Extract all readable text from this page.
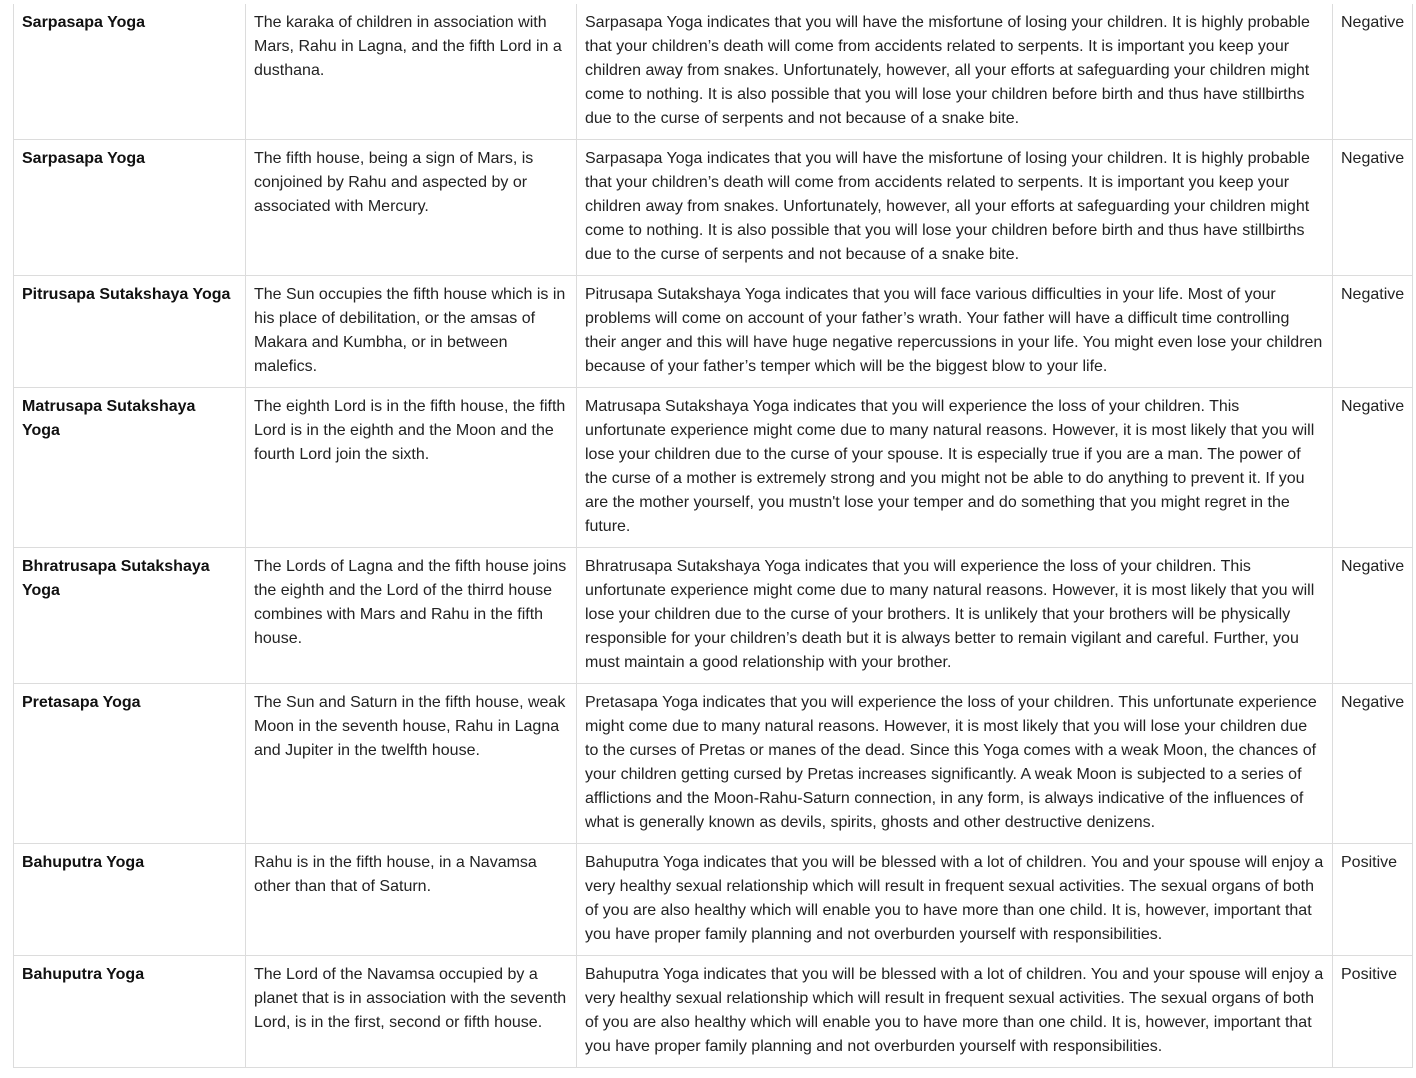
Sarpasapa Yoga	The karaka of children in association with Mars, Rahu in Lagna, and the fifth Lord in a dusthana.	Sarpasapa Yoga indicates that you will have the misfortune of losing your children. It is highly probable that your children’s death will come from accidents related to serpents. It is important you keep your children away from snakes. Unfortunately, however, all your efforts at safeguarding your children might come to nothing. It is also possible that you will lose your children before birth and thus have stillbirths due to the curse of serpents and not because of a snake bite.	Negative
Sarpasapa Yoga	The fifth house, being a sign of Mars, is conjoined by Rahu and aspected by or associated with Mercury.	Sarpasapa Yoga indicates that you will have the misfortune of losing your children. It is highly probable that your children’s death will come from accidents related to serpents. It is important you keep your children away from snakes. Unfortunately, however, all your efforts at safeguarding your children might come to nothing. It is also possible that you will lose your children before birth and thus have stillbirths due to the curse of serpents and not because of a snake bite.	Negative
Pitrusapa Sutakshaya Yoga	The Sun occupies the fifth house which is in his place of debilitation, or the amsas of Makara and Kumbha, or in between malefics.	Pitrusapa Sutakshaya Yoga indicates that you will face various difficulties in your life. Most of your problems will come on account of your father’s wrath. Your father will have a difficult time controlling their anger and this will have huge negative repercussions in your life. You might even lose your children because of your father’s temper which will be the biggest blow to your life.	Negative
Matrusapa Sutakshaya Yoga	The eighth Lord is in the fifth house, the fifth Lord is in the eighth and the Moon and the fourth Lord join the sixth.	Matrusapa Sutakshaya Yoga indicates that you will experience the loss of your children. This unfortunate experience might come due to many natural reasons. However, it is most likely that you will lose your children due to the curse of your spouse. It is especially true if you are a man. The power of the curse of a mother is extremely strong and you might not be able to do anything to prevent it. If you are the mother yourself, you mustn't lose your temper and do something that you might regret in the future.	Negative
Bhratrusapa Sutakshaya Yoga	The Lords of Lagna and the fifth house joins the eighth and the Lord of the thirrd house combines with Mars and Rahu in the fifth house.	Bhratrusapa Sutakshaya Yoga indicates that you will experience the loss of your children. This unfortunate experience might come due to many natural reasons. However, it is most likely that you will lose your children due to the curse of your brothers. It is unlikely that your brothers will be physically responsible for your children’s death but it is always better to remain vigilant and careful. Further, you must maintain a good relationship with your brother.	Negative
Pretasapa Yoga	The Sun and Saturn in the fifth house, weak Moon in the seventh house, Rahu in Lagna and Jupiter in the twelfth house.	Pretasapa Yoga indicates that you will experience the loss of your children. This unfortunate experience might come due to many natural reasons. However, it is most likely that you will lose your children due to the curses of Pretas or manes of the dead. Since this Yoga comes with a weak Moon, the chances of your children getting cursed by Pretas increases significantly. A weak Moon is subjected to a series of afflictions and the Moon-Rahu-Saturn connection, in any form, is always indicative of the influences of what is generally known as devils, spirits, ghosts and other destructive denizens.	Negative
Bahuputra Yoga	Rahu is in the fifth house, in a Navamsa other than that of Saturn.	Bahuputra Yoga indicates that you will be blessed with a lot of children. You and your spouse will enjoy a very healthy sexual relationship which will result in frequent sexual activities. The sexual organs of both of you are also healthy which will enable you to have more than one child. It is, however, important that you have proper family planning and not overburden yourself with responsibilities.	Positive
Bahuputra Yoga	The Lord of the Navamsa occupied by a planet that is in association with the seventh Lord, is in the first, second or fifth house.	Bahuputra Yoga indicates that you will be blessed with a lot of children. You and your spouse will enjoy a very healthy sexual relationship which will result in frequent sexual activities. The sexual organs of both of you are also healthy which will enable you to have more than one child. It is, however, important that you have proper family planning and not overburden yourself with responsibilities.	Positive
